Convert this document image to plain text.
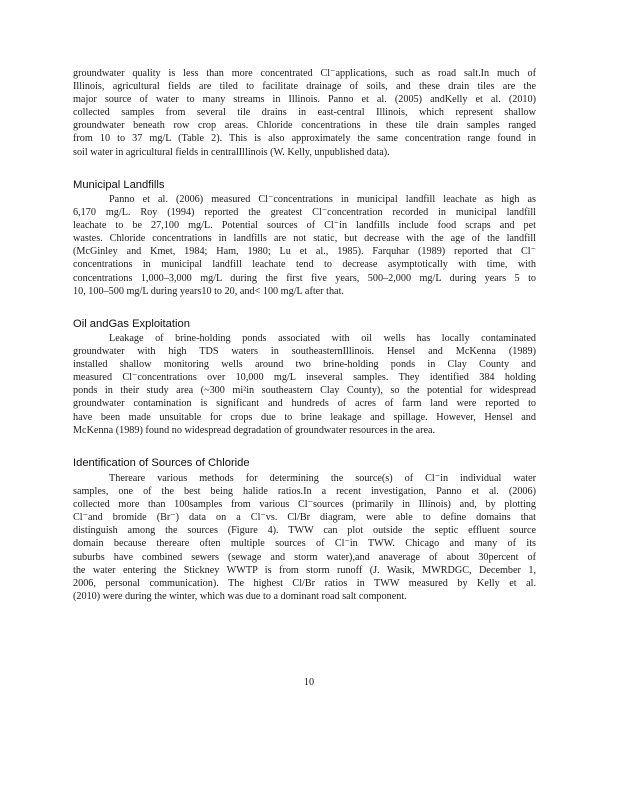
groundwater quality is less than more concentrated Cl⁻applications, such as road salt.In much of
Illinois, agricultural fields are tiled to facilitate drainage of soils, and these drain tiles are the
major source of water to many streams in Illinois. Panno et al. (2005) andKelly et al. (2010)
collected samples from several tile drains in east-central Illinois, which represent shallow
groundwater beneath row crop areas. Chloride concentrations in these tile drain samples ranged
from 10 to 37 mg/L (Table 2). This is also approximately the same concentration range found in
soil water in agricultural fields in centralIllinois (W. Kelly, unpublished data).
Municipal Landfills
Panno et al. (2006) measured Cl⁻concentrations in municipal landfill leachate as high as
6,170 mg/L. Roy (1994) reported the greatest Cl⁻concentration recorded in municipal landfill
leachate to be 27,100 mg/L. Potential sources of Cl⁻in landfills include food scraps and pet
wastes. Chloride concentrations in landfills are not static, but decrease with the age of the landfill
(McGinley and Kmet, 1984; Ham, 1980; Lu et al., 1985). Farquhar (1989) reported that Cl⁻
concentrations in municipal landfill leachate tend to decrease asymptotically with time, with
concentrations 1,000–3,000 mg/L during the first five years, 500–2,000 mg/L during years 5 to
10, 100–500 mg/L during years10 to 20, and< 100 mg/L after that.
Oil andGas Exploitation
Leakage of brine-holding ponds associated with oil wells has locally contaminated
groundwater with high TDS waters in southeasternIllinois. Hensel and McKenna (1989)
installed shallow monitoring wells around two brine-holding ponds in Clay County and
measured Cl⁻concentrations over 10,000 mg/L inseveral samples. They identified 384 holding
ponds in their study area (~300 mi²in southeastern Clay County), so the potential for widespread
groundwater contamination is significant and hundreds of acres of farm land were reported to
have been made unsuitable for crops due to brine leakage and spillage. However, Hensel and
McKenna (1989) found no widespread degradation of groundwater resources in the area.
Identification of Sources of Chloride
Thereare various methods for determining the source(s) of Cl⁻in individual water
samples, one of the best being halide ratios.In a recent investigation, Panno et al. (2006)
collected more than 100samples from various Cl⁻sources (primarily in Illinois) and, by plotting
Cl⁻and bromide (Br⁻) data on a Cl⁻vs. Cl/Br diagram, were able to define domains that
distinguish among the sources (Figure 4). TWW can plot outside the septic effluent source
domain because thereare often multiple sources of Cl⁻in TWW. Chicago and many of its
suburbs have combined sewers (sewage and storm water),and anaverage of about 30percent of
the water entering the Stickney WWTP is from storm runoff (J. Wasik, MWRDGC, December 1,
2006, personal communication). The highest Cl/Br ratios in TWW measured by Kelly et al.
(2010) were during the winter, which was due to a dominant road salt component.
10
